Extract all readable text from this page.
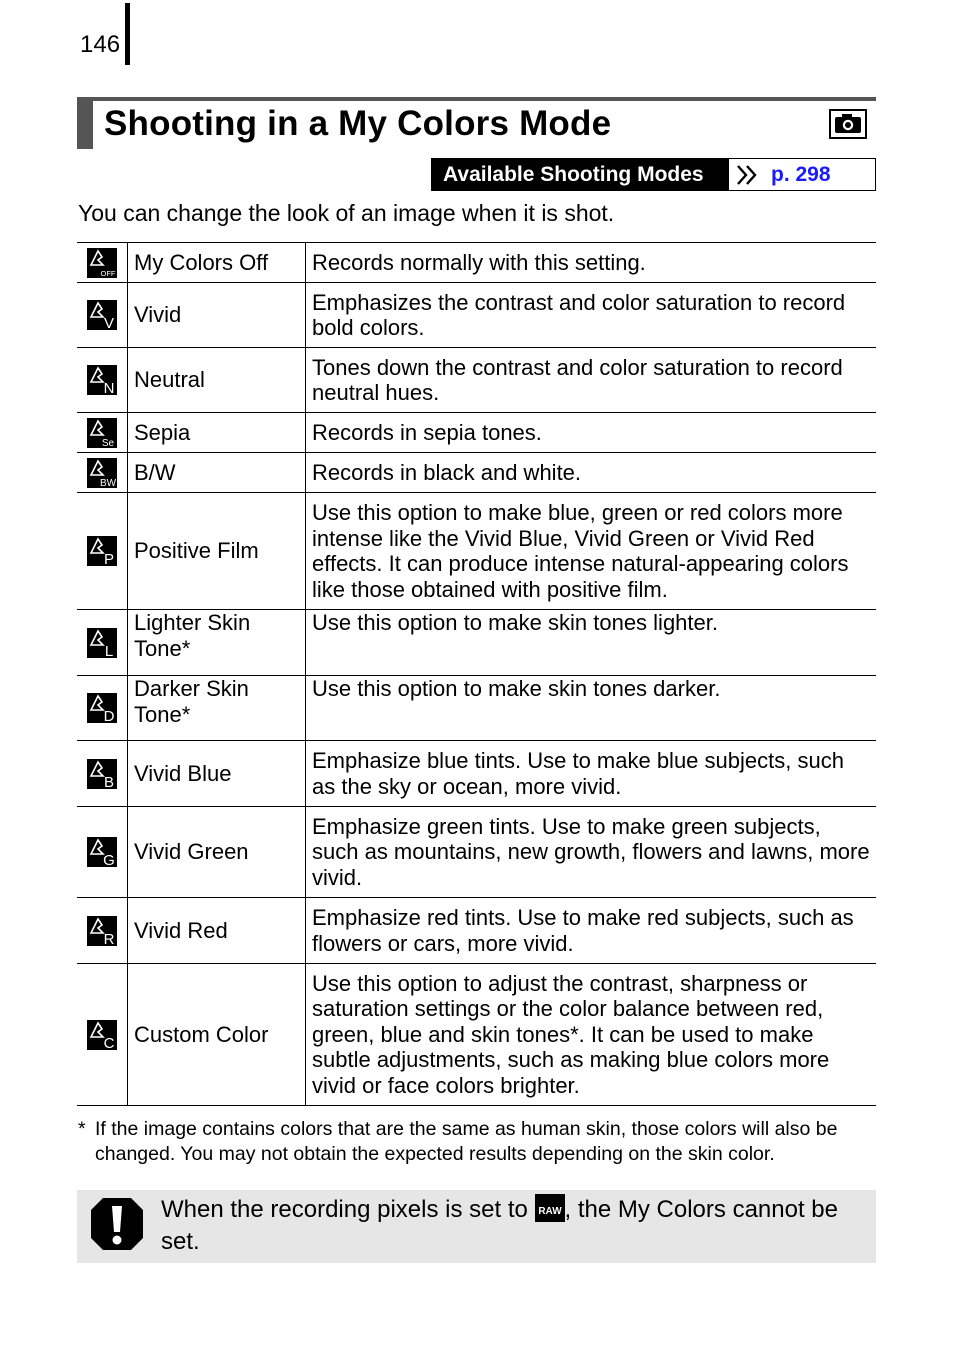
146
Shooting in a My Colors Mode
Available Shooting Modes	p. 298
You can change the look of an image when it is shot.
OFF	My Colors Off	Records normally with this setting.

V	Vivid	Emphasizes the contrast and color saturation to record bold colors.

N	Neutral	Tones down the contrast and color saturation to record neutral hues.

Se	Sepia	Records in sepia tones.

BW	B/W	Records in black and white.

P	Positive Film	Use this option to make blue, green or red colors more intense like the Vivid Blue, Vivid Green or Vivid Red effects. It can produce intense natural-appearing colors like those obtained with positive film.

L	Lighter Skin Tone*	Use this option to make skin tones lighter.

D	Darker Skin Tone*	Use this option to make skin tones darker.

B	Vivid Blue	Emphasize blue tints. Use to make blue subjects, such as the sky or ocean, more vivid.

G	Vivid Green	Emphasize green tints. Use to make green subjects, such as mountains, new growth, flowers and lawns, more vivid.

R	Vivid Red	Emphasize red tints. Use to make red subjects, such as flowers or cars, more vivid.

C	Custom Color	Use this option to adjust the contrast, sharpness or saturation settings or the color balance between red, green, blue and skin tones*. It can be used to make subtle adjustments, such as making blue colors more vivid or face colors brighter.
* If the image contains colors that are the same as human skin, those colors will also be changed. You may not obtain the expected results depending on the skin color.
When the recording pixels is set to RAW , the My Colors cannot be set.
